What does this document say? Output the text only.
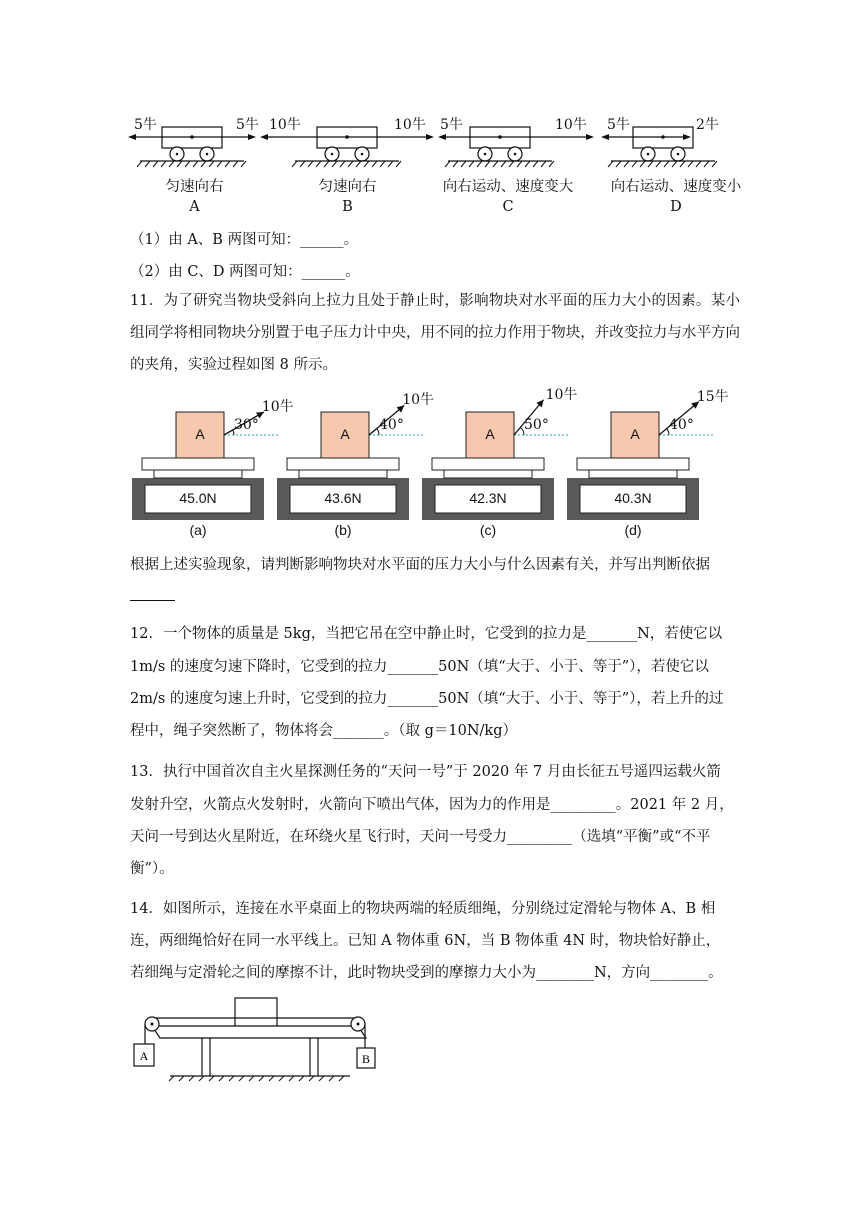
5牛	5牛 10牛	10牛 5牛	10牛 5牛	2牛
匀速向右
A
匀速向右
B
向右运动、速度变大
C
向右运动、速度变小
D
（1）由 A、B 两图可知：______。
（2）由 C、D 两图可知：______。
11．为了研究当物块受斜向上拉力且处于静止时，影响物块对水平面的压力大小的因素。某小组同学将相同物块分别置于电子压力计中央，用不同的拉力作用于物块，并改变拉力与水平方向的夹角，实验过程如图 8 所示。
A
10牛
30°
45.0N
(a)
A
10牛
40°
43.6N
(b)
A
10牛
50°
42.3N
(c)
A
15牛
40°
40.3N
(d)
根据上述实验现象，请判断影响物块对水平面的压力大小与什么因素有关，并写出判断依据
12．一个物体的质量是 5kg，当把它吊在空中静止时，它受到的拉力是_______N，若使它以
1m/s 的速度匀速下降时，它受到的拉力_______50N（填“大于、小于、等于”），若使它以
2m/s 的速度匀速上升时，它受到的拉力_______50N（填“大于、小于、等于”），若上升的过
程中，绳子突然断了，物体将会_______。（取 g＝10N/kg）
13．执行中国首次自主火星探测任务的“天问一号”于 2020 年 7 月由长征五号遥四运载火箭
发射升空，火箭点火发射时，火箭向下喷出气体，因为力的作用是_________。2021 年 2 月，
天问一号到达火星附近，在环绕火星飞行时，天问一号受力_________（选填“平衡”或“不平
衡”）。
14．如图所示，连接在水平桌面上的物块两端的轻质细绳，分别绕过定滑轮与物体 A、B 相
连，两细绳恰好在同一水平线上。已知 A 物体重 6N，当 B 物体重 4N 时，物块恰好静止，
若细绳与定滑轮之间的摩擦不计，此时物块受到的摩擦力大小为________N，方向________。
A	B
